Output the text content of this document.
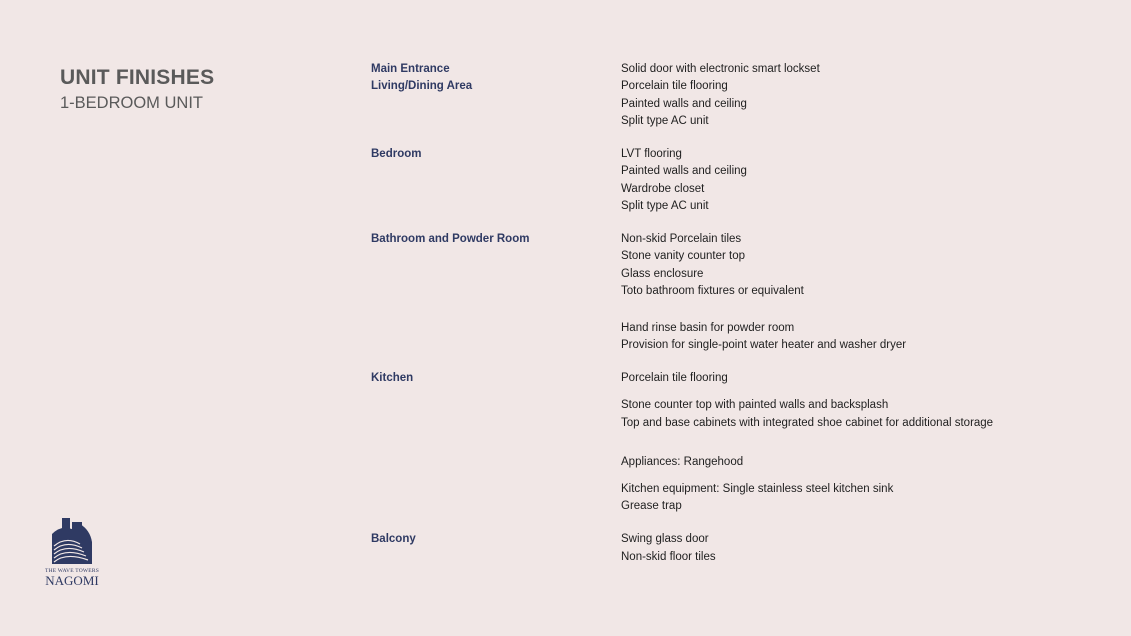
UNIT FINISHES
1-BEDROOM UNIT
Main Entrance
Living/Dining Area
Bedroom
Bathroom and Powder Room
Kitchen
Balcony
Solid door with electronic smart lockset
Porcelain tile flooring
Painted walls and ceiling
Split type AC unit
LVT flooring
Painted walls and ceiling
Wardrobe closet
Split type AC unit
Non-skid Porcelain tiles
Stone vanity counter top
Glass enclosure
Toto bathroom fixtures or equivalent
Hand rinse basin for powder room
Provision for single-point water heater and washer dryer
Porcelain tile flooring
Stone counter top with painted walls and backsplash
Top and base cabinets with integrated shoe cabinet for additional storage
Appliances: Rangehood
Kitchen equipment: Single stainless steel kitchen sink
Grease trap
Swing glass door
Non-skid floor tiles
THE WAVE TOWERS
NAGOMI
